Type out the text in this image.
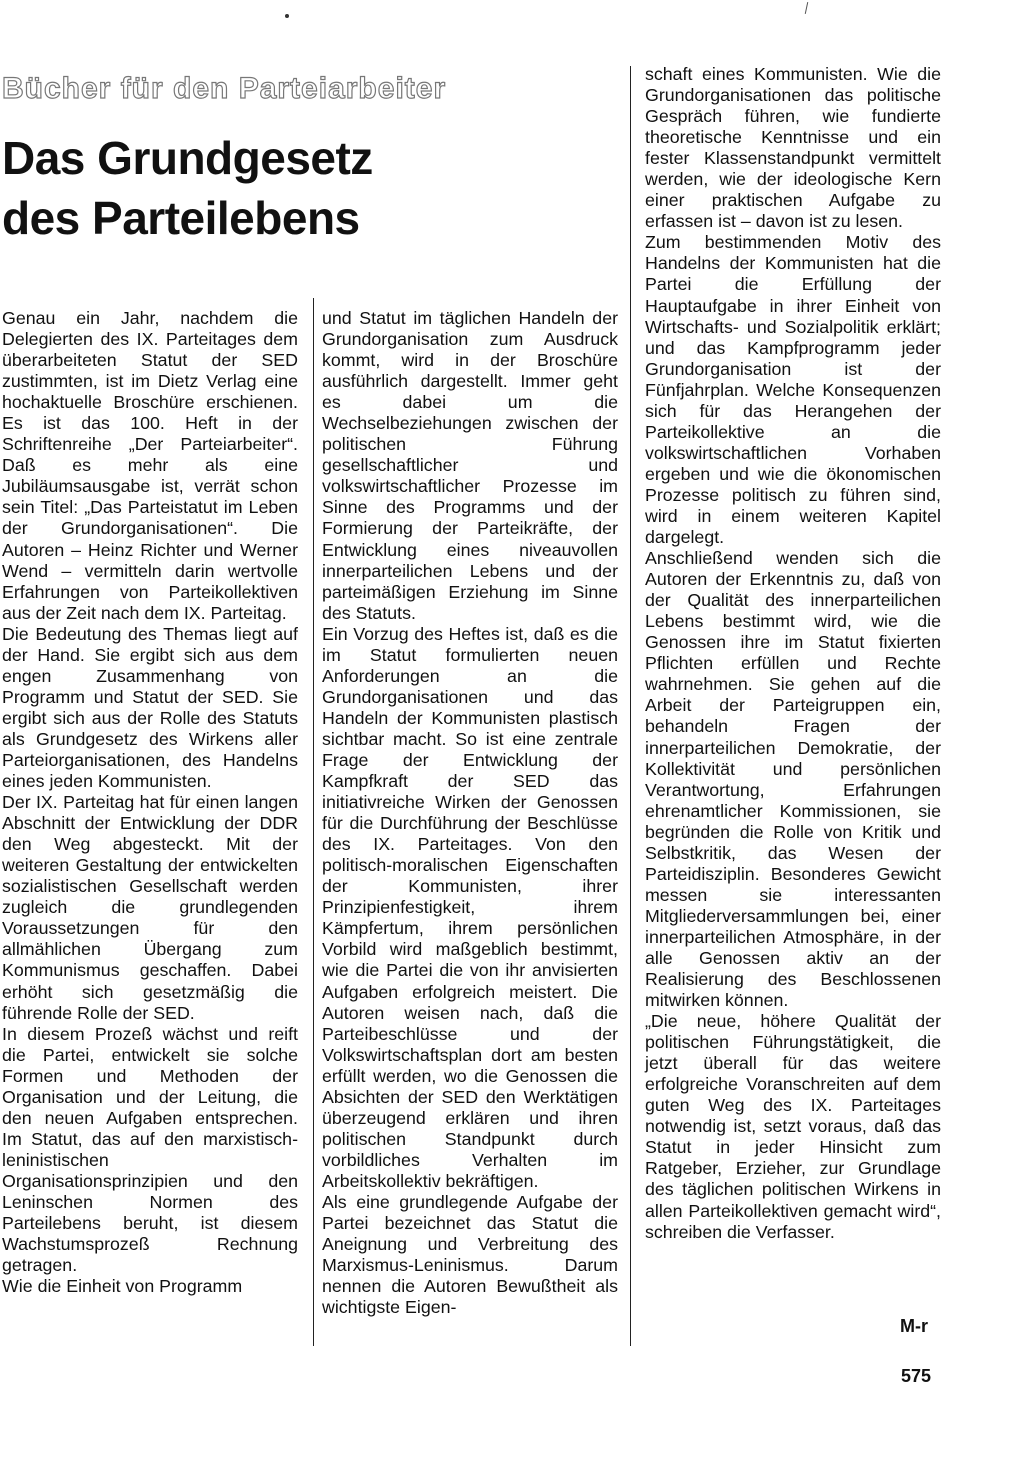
Bücher für den Parteiarbeiter
Das Grundgesetz
des Parteilebens

Genau ein Jahr, nachdem die Delegierten des IX. Parteitages dem überarbeiteten Statut der SED zustimmten, ist im Dietz Verlag eine hochaktuelle Broschüre erschienen. Es ist das 100. Heft in der Schriftenreihe „Der Parteiarbeiter“. Daß es mehr als eine Jubiläumsausgabe ist, verrät schon sein Titel: „Das Parteistatut im Leben der Grundorganisationen“. Die Autoren – Heinz Richter und Werner Wend – vermitteln darin wertvolle Erfahrungen von Parteikollektiven aus der Zeit nach dem IX. Parteitag.

Die Bedeutung des Themas liegt auf der Hand. Sie ergibt sich aus dem engen Zusammenhang von Programm und Statut der SED. Sie ergibt sich aus der Rolle des Statuts als Grundgesetz des Wirkens aller Parteiorganisationen, des Handelns eines jeden Kommunisten.

Der IX. Parteitag hat für einen langen Abschnitt der Entwicklung der DDR den Weg abgesteckt. Mit der weiteren Gestaltung der entwickelten sozialistischen Gesellschaft werden zugleich die grundlegenden Voraussetzungen für den allmählichen Übergang zum Kommunismus geschaffen. Dabei erhöht sich gesetzmäßig die führende Rolle der SED.

In diesem Prozeß wächst und reift die Partei, entwickelt sie solche Formen und Methoden der Organisation und der Leitung, die den neuen Aufgaben entsprechen. Im Statut, das auf den marxistisch-leninistischen Organisationsprinzipien und den Leninschen Normen des Parteilebens beruht, ist diesem Wachstumsprozeß Rechnung getragen.

Wie die Einheit von Programm

und Statut im täglichen Handeln der Grundorganisation zum Ausdruck kommt, wird in der Broschüre ausführlich dargestellt. Immer geht es dabei um die Wechselbeziehungen zwischen der politischen Führung gesellschaftlicher und volkswirtschaftlicher Prozesse im Sinne des Programms und der Formierung der Parteikräfte, der Entwicklung eines niveauvollen innerparteilichen Lebens und der parteimäßigen Erziehung im Sinne des Statuts.

Ein Vorzug des Heftes ist, daß es die im Statut formulierten neuen Anforderungen an die Grundorganisationen und das Handeln der Kommunisten plastisch sichtbar macht. So ist eine zentrale Frage der Entwicklung der Kampfkraft der SED das initiativreiche Wirken der Genossen für die Durchführung der Beschlüsse des IX. Parteitages. Von den politisch-moralischen Eigenschaften der Kommunisten, ihrer Prinzipienfestigkeit, ihrem Kämpfertum, ihrem persönlichen Vorbild wird maßgeblich bestimmt, wie die Partei die von ihr anvisierten Aufgaben erfolgreich meistert. Die Autoren weisen nach, daß die Parteibeschlüsse und der Volkswirtschaftsplan dort am besten erfüllt werden, wo die Genossen die Absichten der SED den Werktätigen überzeugend erklären und ihren politischen Standpunkt durch vorbildliches Verhalten im Arbeitskollektiv bekräftigen.

Als eine grundlegende Aufgabe der Partei bezeichnet das Statut die Aneignung und Verbreitung des Marxismus-Leninismus. Darum nennen die Autoren Bewußtheit als wichtigste Eigen-

schaft eines Kommunisten. Wie die Grundorganisationen das politische Gespräch führen, wie fundierte theoretische Kenntnisse und ein fester Klassenstandpunkt vermittelt werden, wie der ideologische Kern einer praktischen Aufgabe zu erfassen ist – davon ist zu lesen.

Zum bestimmenden Motiv des Handelns der Kommunisten hat die Partei die Erfüllung der Hauptaufgabe in ihrer Einheit von Wirtschafts- und Sozialpolitik erklärt; und das Kampfprogramm jeder Grundorganisation ist der Fünfjahrplan. Welche Konsequenzen sich für das Herangehen der Parteikollektive an die volkswirtschaftlichen Vorhaben ergeben und wie die ökonomischen Prozesse politisch zu führen sind, wird in einem weiteren Kapitel dargelegt.

Anschließend wenden sich die Autoren der Erkenntnis zu, daß von der Qualität des innerparteilichen Lebens bestimmt wird, wie die Genossen ihre im Statut fixierten Pflichten erfüllen und Rechte wahrnehmen. Sie gehen auf die Arbeit der Parteigruppen ein, behandeln Fragen der innerparteilichen Demokratie, der Kollektivität und persönlichen Verantwortung, Erfahrungen ehrenamtlicher Kommissionen, sie begründen die Rolle von Kritik und Selbstkritik, das Wesen der Parteidisziplin. Besonderes Gewicht messen sie interessanten Mitgliederversammlungen bei, einer innerparteilichen Atmosphäre, in der alle Genossen aktiv an der Realisierung des Beschlossenen mitwirken können.

„Die neue, höhere Qualität der politischen Führungstätigkeit, die jetzt überall für das weitere erfolgreiche Voranschreiten auf dem guten Weg des IX. Parteitages notwendig ist, setzt voraus, daß das Statut in jeder Hinsicht zum Ratgeber, Erzieher, zur Grundlage des täglichen politischen Wirkens in allen Parteikollektiven gemacht wird“, schreiben die Verfasser.

M-r
575
